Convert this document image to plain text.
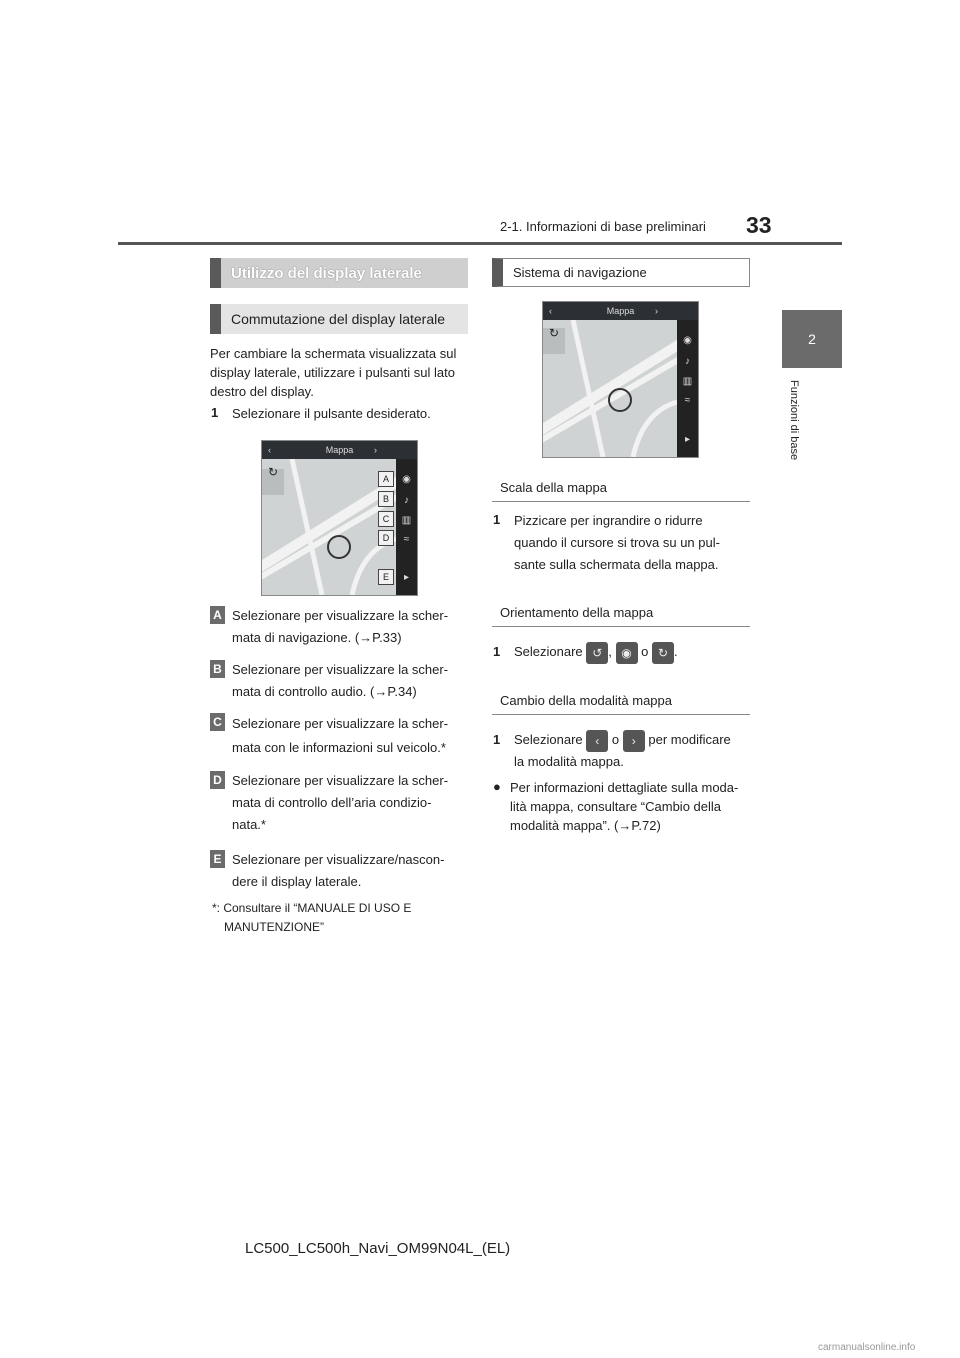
2-1. Informazioni di base preliminari 33
2
Funzioni di base
Utilizzo del display laterale
Commutazione del display laterale
Per cambiare la schermata visualizzata sul
display laterale, utilizzare i pulsanti sul lato
destro del display.
1 Selezionare il pulsante desiderato.
‹	Mappa ›
◉
♪
▥
≈
▸
↻	A
B
C
D
E
A Selezionare per visualizzare la scher-
mata di navigazione. (→P.33)
B Selezionare per visualizzare la scher-
mata di controllo audio. (→P.34)
C Selezionare per visualizzare la scher-
mata con le informazioni sul veicolo.*
D Selezionare per visualizzare la scher-
mata di controllo dell’aria condizio-
nata.*
E Selezionare per visualizzare/nascon-
dere il display laterale.
*: Consultare il “MANUALE DI USO E
MANUTENZIONE”
Sistema di navigazione
‹	Mappa ›
◉
♪
▥
≈
▸
↻
Scala della mappa
1 Pizzicare per ingrandire o ridurre
quando il cursore si trova su un pul-
sante sulla schermata della mappa.
Orientamento della mappa
1 Selezionare ↺ , ◉ o ↻ .
Cambio della modalità mappa
1 Selezionare ‹ o › per modificare
la modalità mappa.
● Per informazioni dettagliate sulla moda-
lità mappa, consultare “Cambio della
modalità mappa”. (→P.72)
LC500_LC500h_Navi_OM99N04L_(EL)
carmanualsonline.info
